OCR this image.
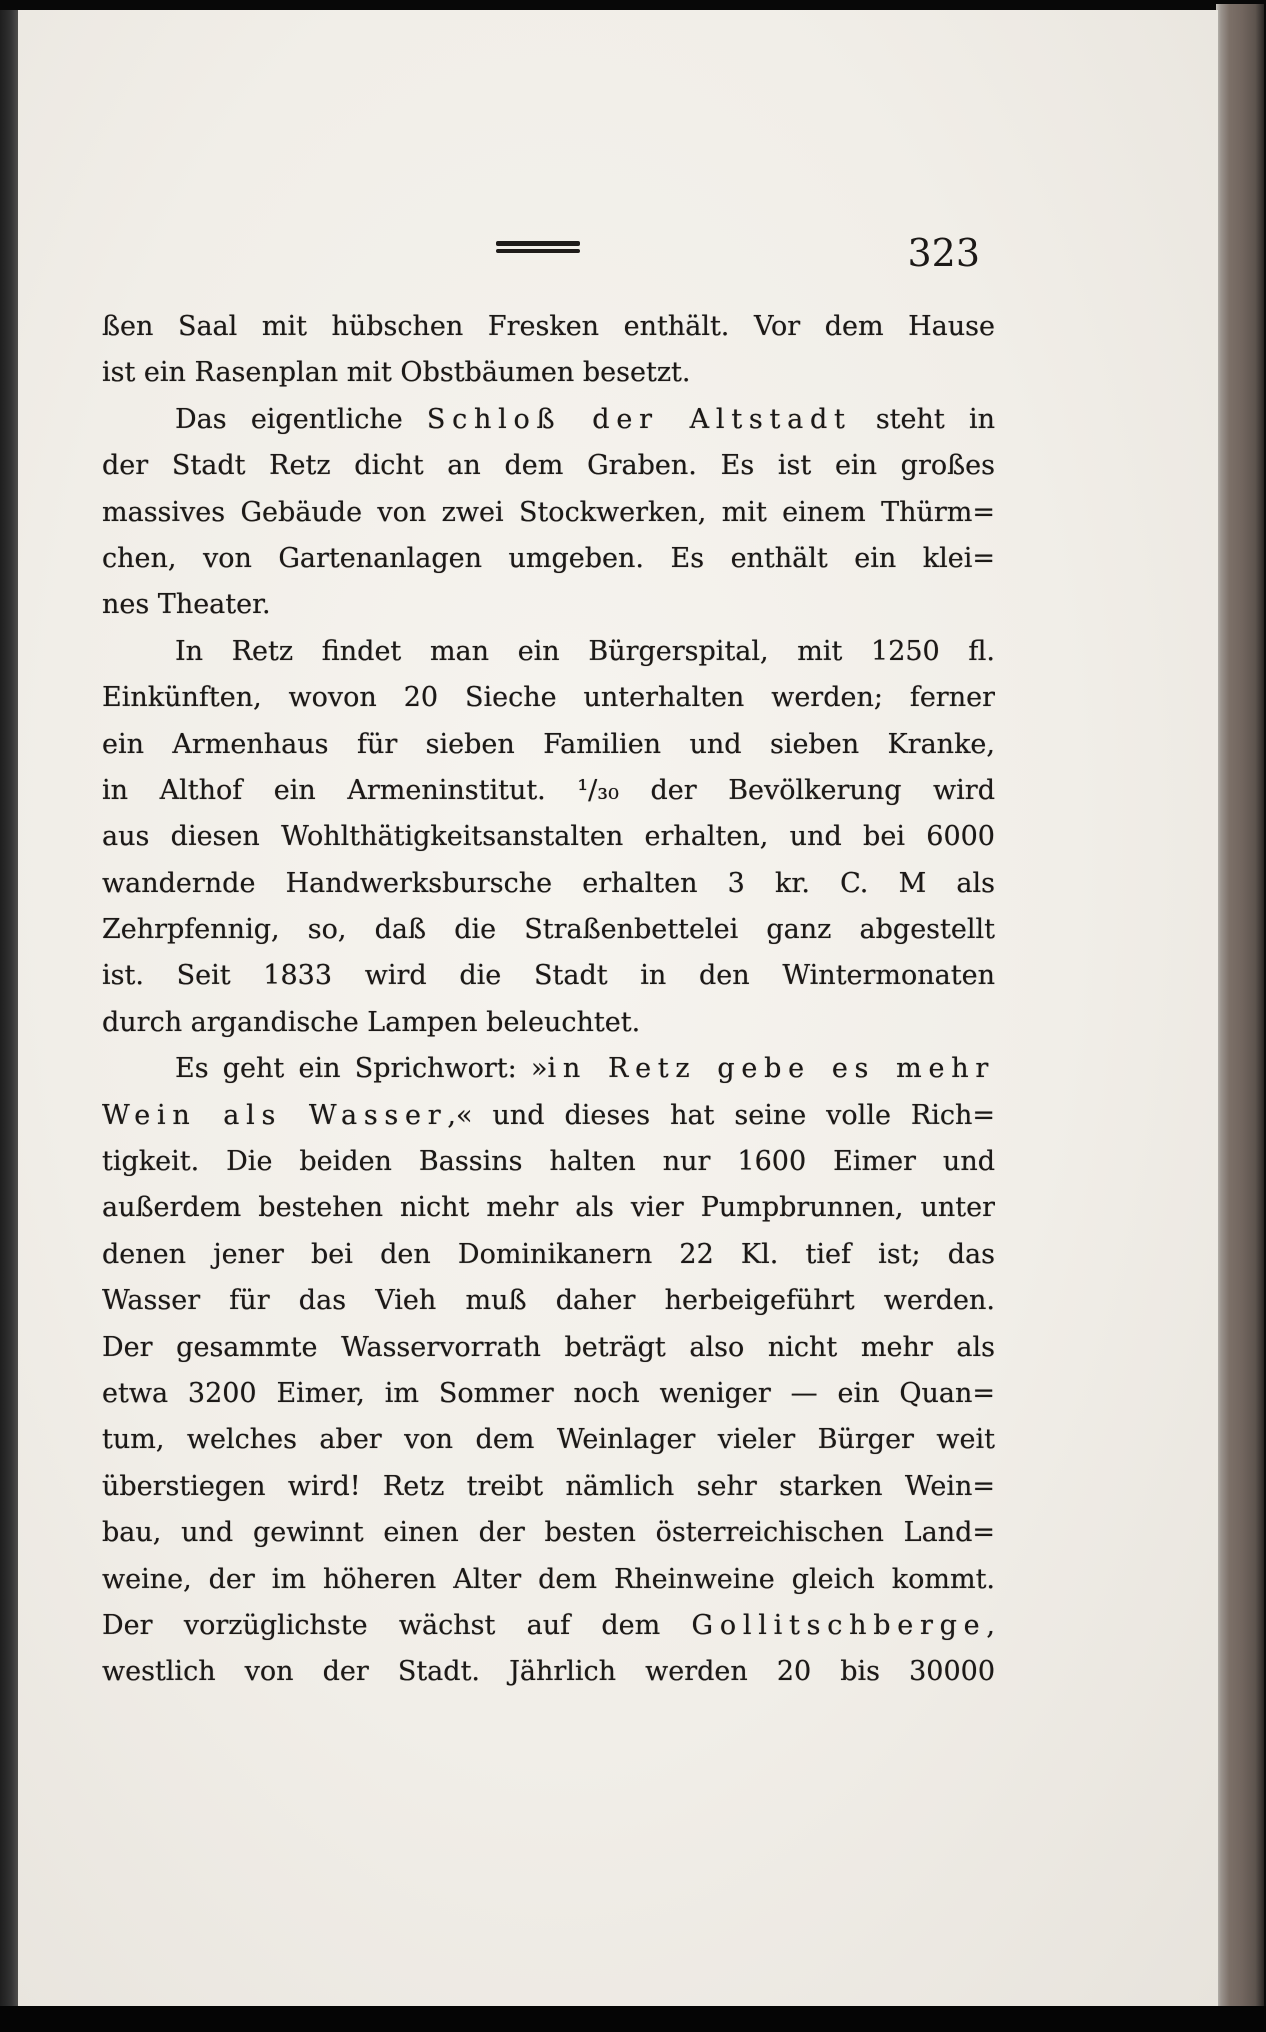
323
ßen Saal mit hübschen Fresken enthält. Vor dem Hause
ist ein Rasenplan mit Obstbäumen besetzt.
Das eigentliche Schloß der Altstadt steht in
der Stadt Retz dicht an dem Graben. Es ist ein großes
massives Gebäude von zwei Stockwerken, mit einem Thürm=
chen, von Gartenanlagen umgeben. Es enthält ein klei=
nes Theater.
In Retz findet man ein Bürgerspital, mit 1250 fl.
Einkünften, wovon 20 Sieche unterhalten werden; ferner
ein Armenhaus für sieben Familien und sieben Kranke,
in Althof ein Armeninstitut. ¹/₃₀ der Bevölkerung wird
aus diesen Wohlthätigkeitsanstalten erhalten, und bei 6000
wandernde Handwerksbursche erhalten 3 kr. C. M als
Zehrpfennig, so, daß die Straßenbettelei ganz abgestellt
ist. Seit 1833 wird die Stadt in den Wintermonaten
durch argandische Lampen beleuchtet.
Es geht ein Sprichwort: »in Retz gebe es mehr
Wein als Wasser,« und dieses hat seine volle Rich=
tigkeit. Die beiden Bassins halten nur 1600 Eimer und
außerdem bestehen nicht mehr als vier Pumpbrunnen, unter
denen jener bei den Dominikanern 22 Kl. tief ist; das
Wasser für das Vieh muß daher herbeigeführt werden.
Der gesammte Wasservorrath beträgt also nicht mehr als
etwa 3200 Eimer, im Sommer noch weniger — ein Quan=
tum, welches aber von dem Weinlager vieler Bürger weit
überstiegen wird! Retz treibt nämlich sehr starken Wein=
bau, und gewinnt einen der besten österreichischen Land=
weine, der im höheren Alter dem Rheinweine gleich kommt.
Der vorzüglichste wächst auf dem Gollitschberge,
westlich von der Stadt. Jährlich werden 20 bis 30000
